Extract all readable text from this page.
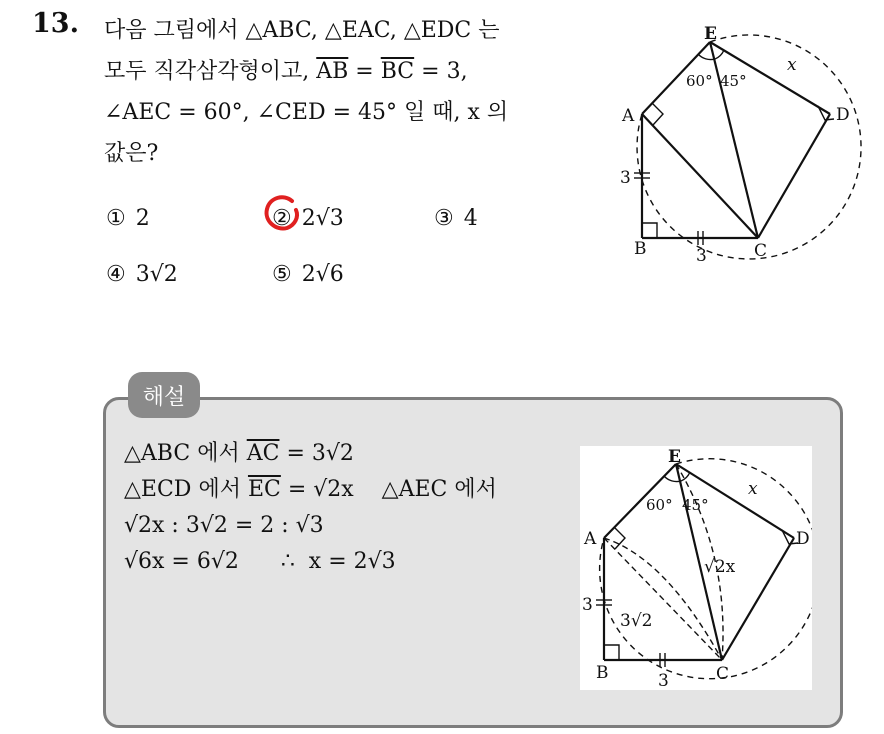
13. 다음 그림에서 △ABC, △EAC, △EDC 는
모두 직각삼각형이고, $\overline{AB} = \overline{BC} = 3$,
∠AEC = 60°, ∠CED = 45° 일 때, x 의
값은?
① 2	② 2√3	③ 4
④ 3√2	⑤ 2√6
E
A
B	C
D
60° 45°
x
3
3
해설
△ABC 에서 $\overline{AC} = 3√2$
△ECD 에서 $\overline{EC} = √2x$    △AEC 에서
√2x : 3√2 = 2 : √3
√6x = 6√2      ∴  x = 2√3
E
A
B	C
D
60° 45°
x
3
3
3√2
√2x
